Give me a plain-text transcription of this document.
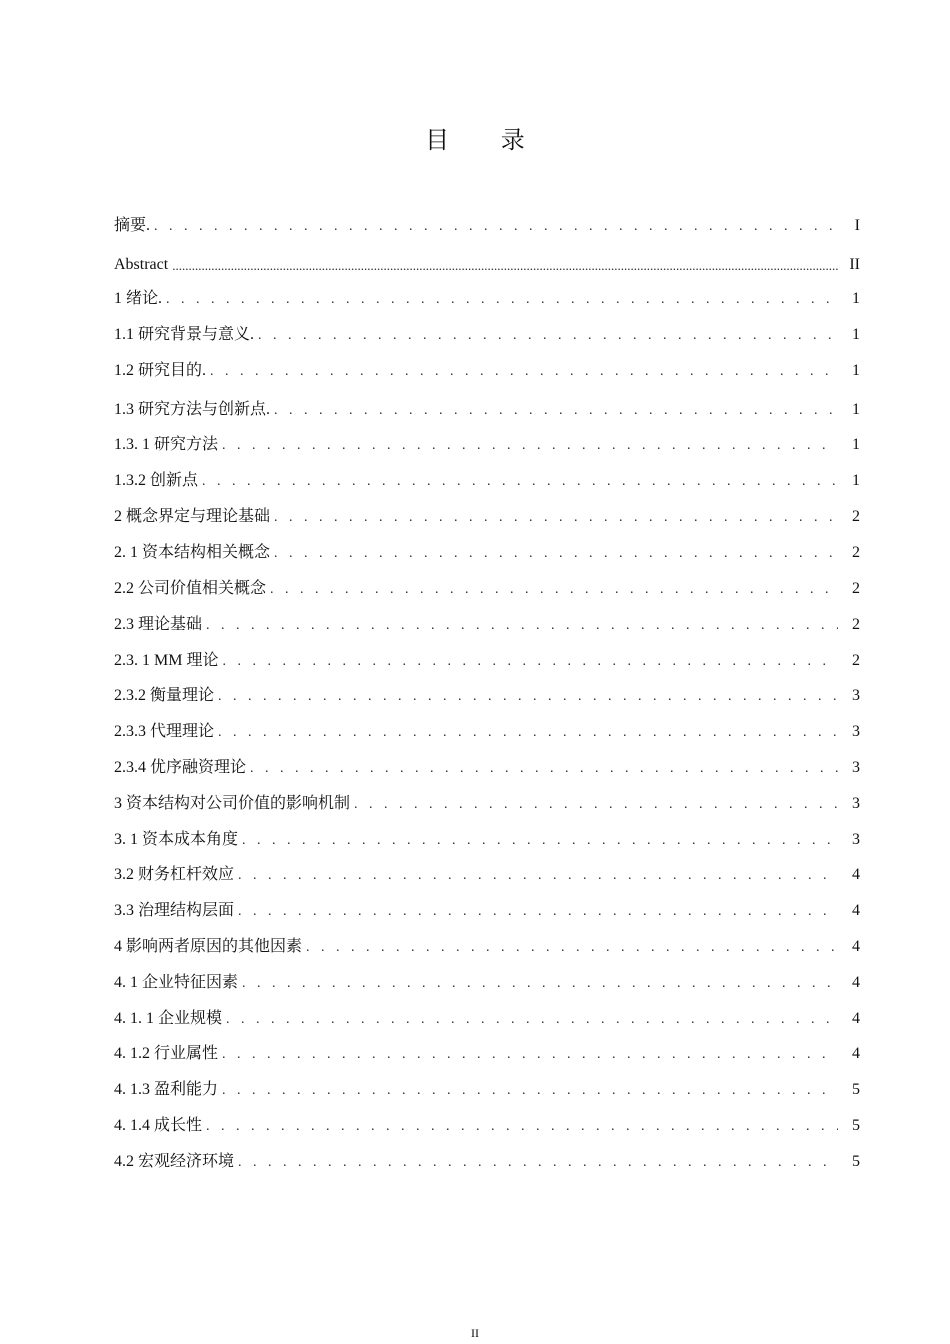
目 录
摘要. . . .	I
Abstract .....	II
1 绪论. . . .	1
1.1 研究背景与意义. . . .	1
1.2 研究目的. . . .	1
1.3 研究方法与创新点. . . .	1
1.3. 1 研究方法 . . .	1
1.3.2 创新点 . . .	1
2 概念界定与理论基础 . . .	2
2. 1 资本结构相关概念 . . .	2
2.2 公司价值相关概念 . . .	2
2.3 理论基础 . . .	2
2.3. 1 MM 理论 . . .	2
2.3.2 衡量理论 . . .	3
2.3.3 代理理论 . . .	3
2.3.4 优序融资理论 . . .	3
3 资本结构对公司价值的影响机制 . . .	3
3. 1 资本成本角度 . . .	3
3.2 财务杠杆效应 . . .	4
3.3 治理结构层面 . . .	4
4 影响两者原因的其他因素 . . .	4
4. 1 企业特征因素 . . .	4
4. 1. 1 企业规模 . . .	4
4. 1.2 行业属性 . . .	4
4. 1.3 盈利能力 . . .	5
4. 1.4 成长性 . . .	5
4.2 宏观经济环境 . . .	5
II
